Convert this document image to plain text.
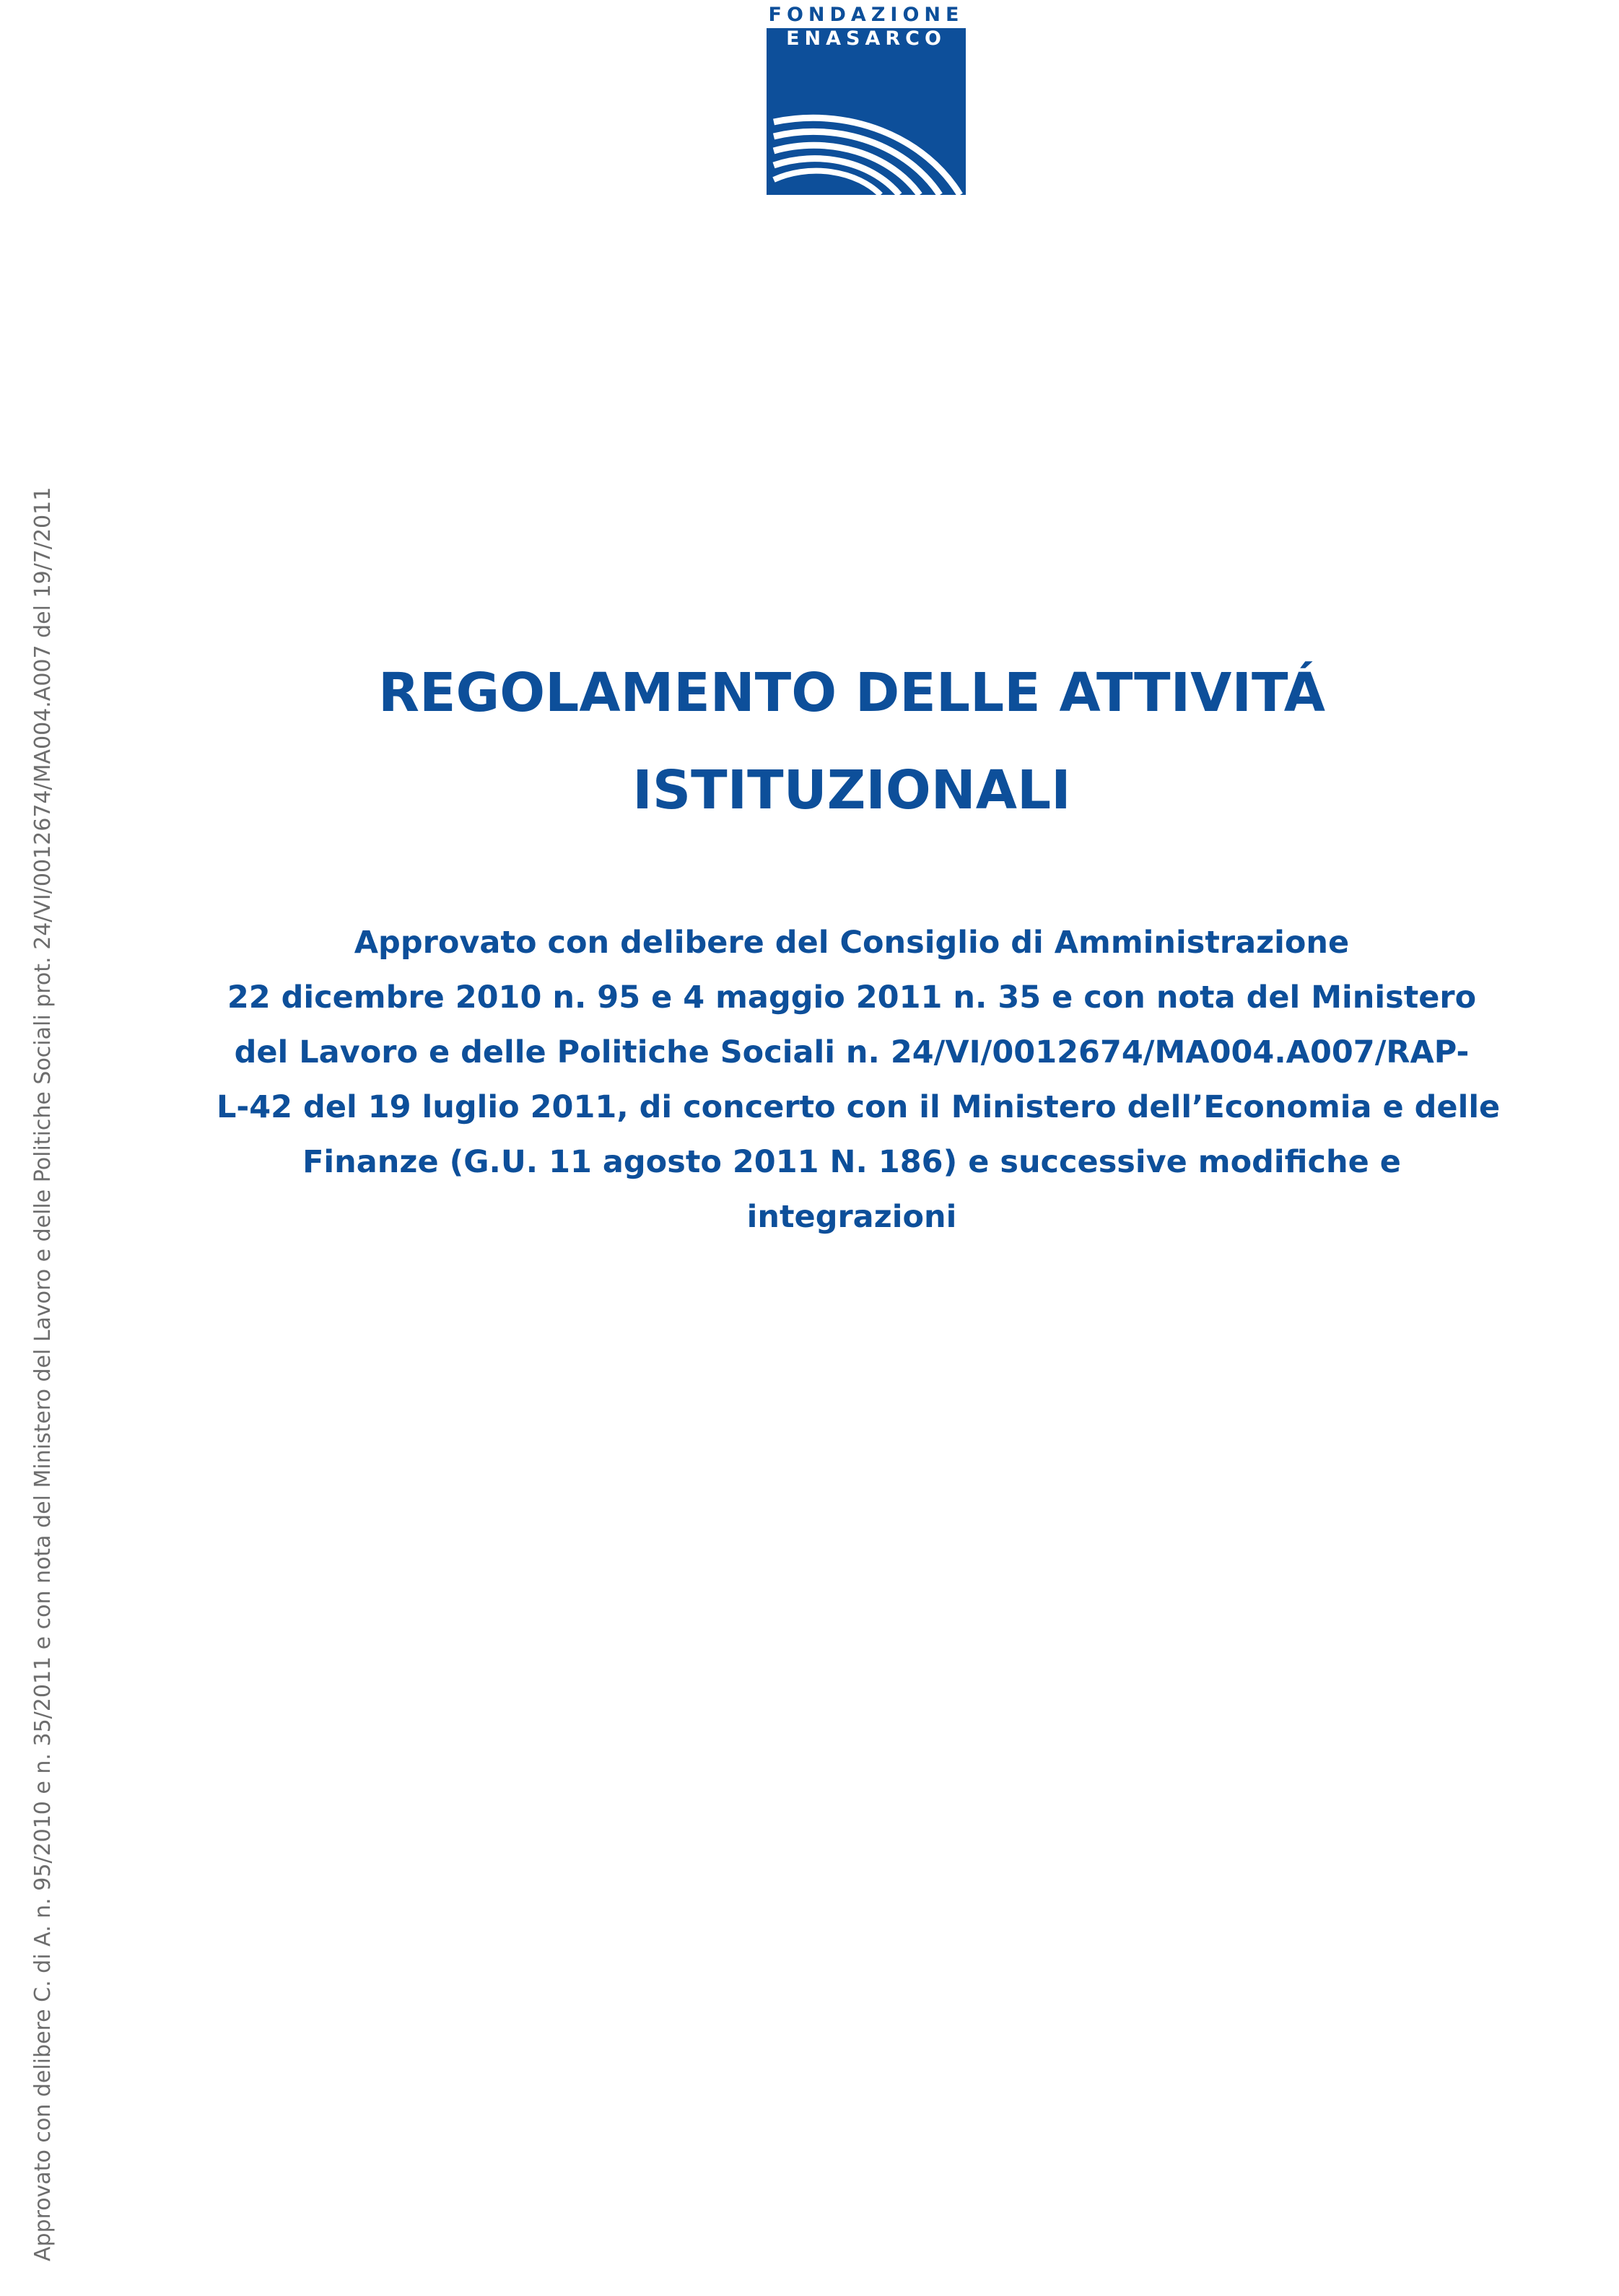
FONDAZIONE
ENASARCO
Approvato con delibere C. di A. n. 95/2010 e n. 35/2011 e con nota del Ministero del Lavoro e delle Politiche Sociali prot. 24/VI/0012674/MA004.A007 del 19/7/2011	REGOLAMENTO DELLE ATTIVITÁ
ISTITUZIONALI
Approvato con delibere del Consiglio di Amministrazione
22 dicembre 2010 n. 95 e 4 maggio 2011 n. 35 e con nota del Ministero
del Lavoro e delle Politiche Sociali n. 24/VI/0012674/MA004.A007/RAP-
L-42 del 19 luglio 2011, di concerto con il Ministero dell’Economia e delle
Finanze (G.U. 11 agosto 2011 N. 186) e successive modifiche e
integrazioni
